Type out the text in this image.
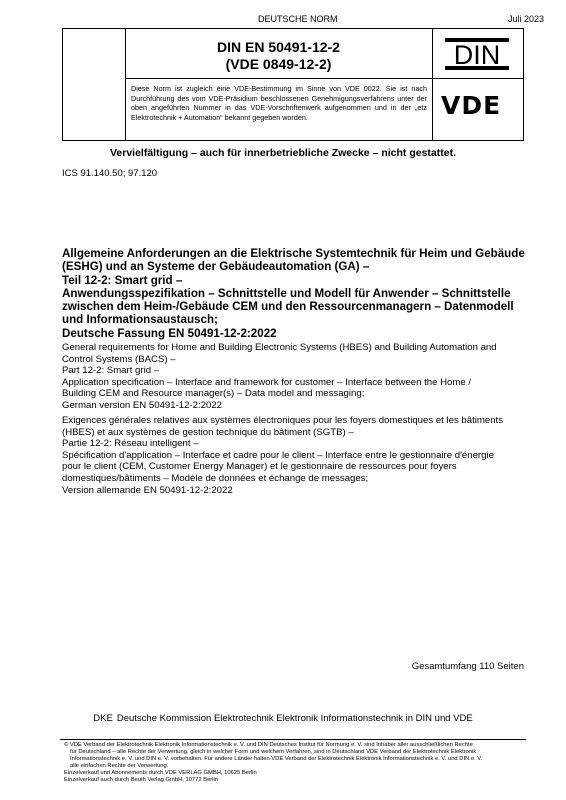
DEUTSCHE NORM	Juli 2023
DIN EN 50491-12-2
(VDE 0849-12-2)
Diese Norm ist zugleich eine VDE-Bestimmung im Sinne von VDE 0022. Sie ist nach Durchführung des vom VDE-Präsidium beschlossenen Genehmigungsverfahrens unter der oben angeführten Nummer in das VDE-Vorschriftenwerk aufgenommen und in der „etz Elektrotechnik + Automation“ bekannt gegeben worden.
DIN
VDE
Vervielfältigung – auch für innerbetriebliche Zwecke – nicht gestattet.
ICS 91.140.50; 97.120
Allgemeine Anforderungen an die Elektrische Systemtechnik für Heim und Gebäude
(ESHG) und an Systeme der Gebäudeautomation (GA) –
Teil 12-2: Smart grid –
Anwendungsspezifikation – Schnittstelle und Modell für Anwender – Schnittstelle
zwischen dem Heim-/Gebäude CEM und den Ressourcenmanagern – Datenmodell
und Informationsaustausch;
Deutsche Fassung EN 50491-12-2:2022
General requirements for Home and Building Electronic Systems (HBES) and Building Automation and
Control Systems (BACS) –
Part 12-2: Smart grid –
Application specification – Interface and framework for customer – Interface between the Home /
Building CEM and Resource manager(s) – Data model and messaging;
German version EN 50491-12-2:2022
Exigences générales relatives aux systèmes électroniques pour les foyers domestiques et les bâtiments
(HBES) et aux systèmes de gestion technique du bâtiment (SGTB) –
Partie 12-2: Réseau intelligent –
Spécification d'application – Interface et cadre pour le client – Interface entre le gestionnaire d'énergie
pour le client (CEM, Customer Energy Manager) et le gestionnaire de ressources pour foyers
domestiques/bâtiments – Modèle de données et échange de messages;
Version allemande EN 50491-12-2:2022
Gesamtumfang 110 Seiten
DKE Deutsche Kommission Elektrotechnik Elektronik Informationstechnik in DIN und VDE
© VDE Verband der Elektrotechnik Elektronik Informationstechnik e. V. und DIN Deutsches Institut für Normung e. V. sind Inhaber aller ausschließlichen Rechte
für Deutschland – alle Rechte der Verwertung, gleich in welcher Form und welchem Verfahren, sind in Deutschland VDE Verband der Elektrotechnik Elektronik
Informationstechnik e. V. und DIN e. V. vorbehalten. Für andere Länder halten VDE Verband der Elektrotechnik Elektronik Informationstechnik e. V. und DIN e. V.
alle einfachen Rechte der Verwertung.
Einzelverkauf und Abonnements durch VDE VERLAG GMBH, 10625 Berlin
Einzelverkauf auch durch Beuth Verlag GmbH, 10772 Berlin
